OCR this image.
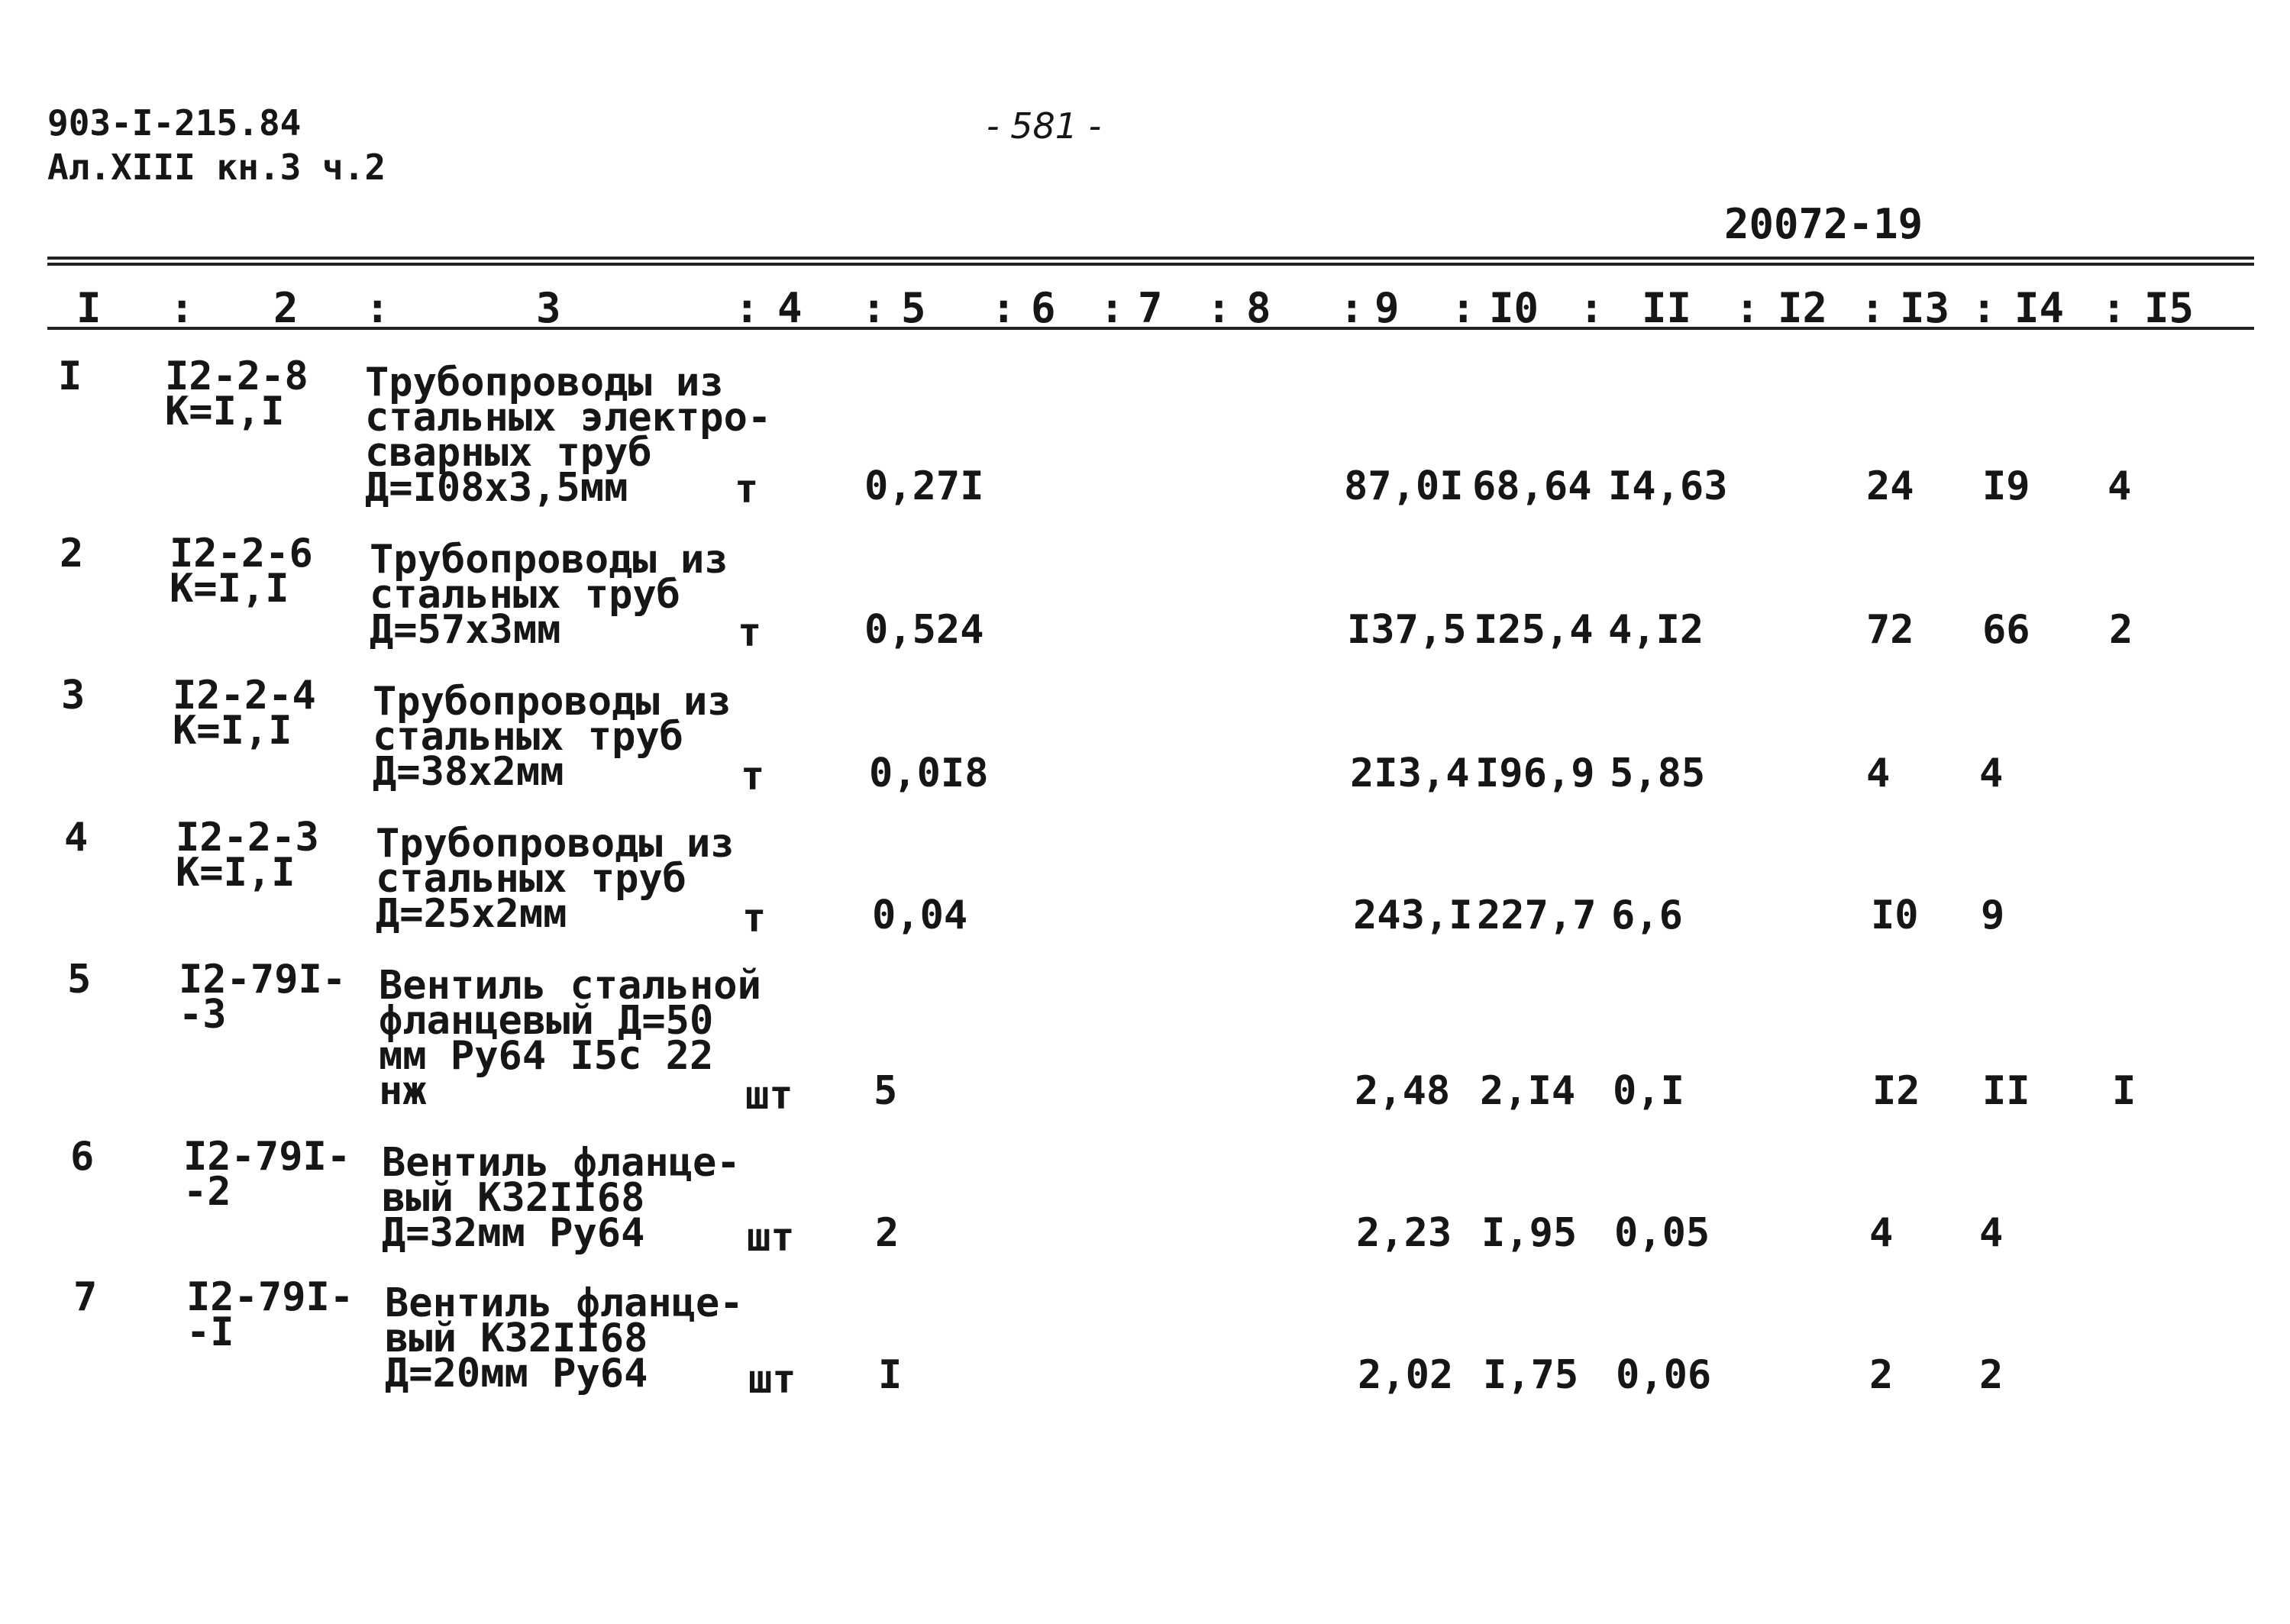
903-I-215.84
Ал.XIII кн.3 ч.2
- 581 -
20072-19
I	2	3	4 5	6 7 8	9 I0 II I2 I3 I4 I5
:	:	: :	: : :	: :	:	: : :	:
I I2-2-8
К=I,I
Трубопроводы из
стальных электро-
сварных труб
Д=I08х3,5мм	т	0,27I	87,0I 68,64 I4,63	24 I9 4
2 I2-2-6
К=I,I
Трубопроводы из
стальных труб
Д=57х3мм	т	0,524	I37,5 I25,4 4,I2	72 66 2
3 I2-2-4
К=I,I
Трубопроводы из
стальных труб
Д=38х2мм	т	0,0I8	2I3,4 I96,9 5,85	4 4
4 I2-2-3
К=I,I
Трубопроводы из
стальных труб
Д=25х2мм	т	0,04	243,I 227,7 6,6	I0 9
5 I2-79I-
-3
Вентиль стальной
фланцевый Д=50
мм Ру64 I5с 22
нж	шт 5	2,48 2,I4 0,I	I2 II I
6 I2-79I-
-2
Вентиль фланце-
вый К32II68
Д=32мм Ру64	шт 2	2,23 I,95 0,05	4 4
7 I2-79I-
-I
Вентиль фланце-
вый К32II68
Д=20мм Ру64	шт I	2,02 I,75 0,06	2 2
